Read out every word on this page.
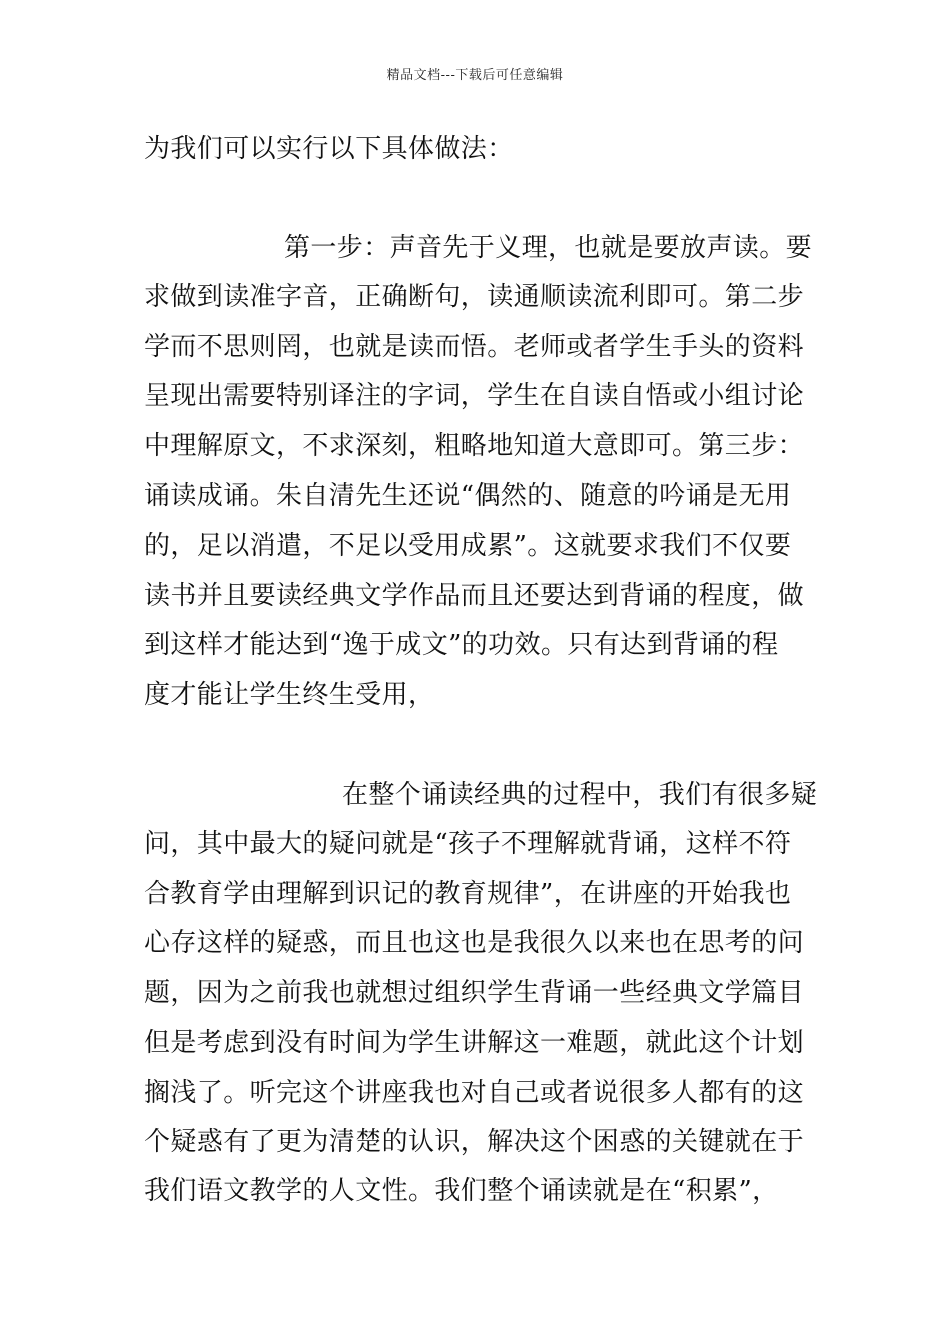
精品文档---下载后可任意编辑
为我们可以实行以下具体做法：
第一步：声音先于义理，也就是要放声读。要
求做到读准字音，正确断句，读通顺读流利即可。第二步
学而不思则罔，也就是读而悟。老师或者学生手头的资料
呈现出需要特别译注的字词，学生在自读自悟或小组讨论
中理解原文，不求深刻，粗略地知道大意即可。第三步：
诵读成诵。朱自清先生还说“偶然的、随意的吟诵是无用
的，足以消遣，不足以受用成累”。这就要求我们不仅要
读书并且要读经典文学作品而且还要达到背诵的程度，做
到这样才能达到“逸于成文”的功效。只有达到背诵的程
度才能让学生终生受用，
在整个诵读经典的过程中，我们有很多疑
问，其中最大的疑问就是“孩子不理解就背诵，这样不符
合教育学由理解到识记的教育规律”，在讲座的开始我也
心存这样的疑惑，而且也这也是我很久以来也在思考的问
题，因为之前我也就想过组织学生背诵一些经典文学篇目
但是考虑到没有时间为学生讲解这一难题，就此这个计划
搁浅了。听完这个讲座我也对自己或者说很多人都有的这
个疑惑有了更为清楚的认识，解决这个困惑的关键就在于
我们语文教学的人文性。我们整个诵读就是在“积累”，
